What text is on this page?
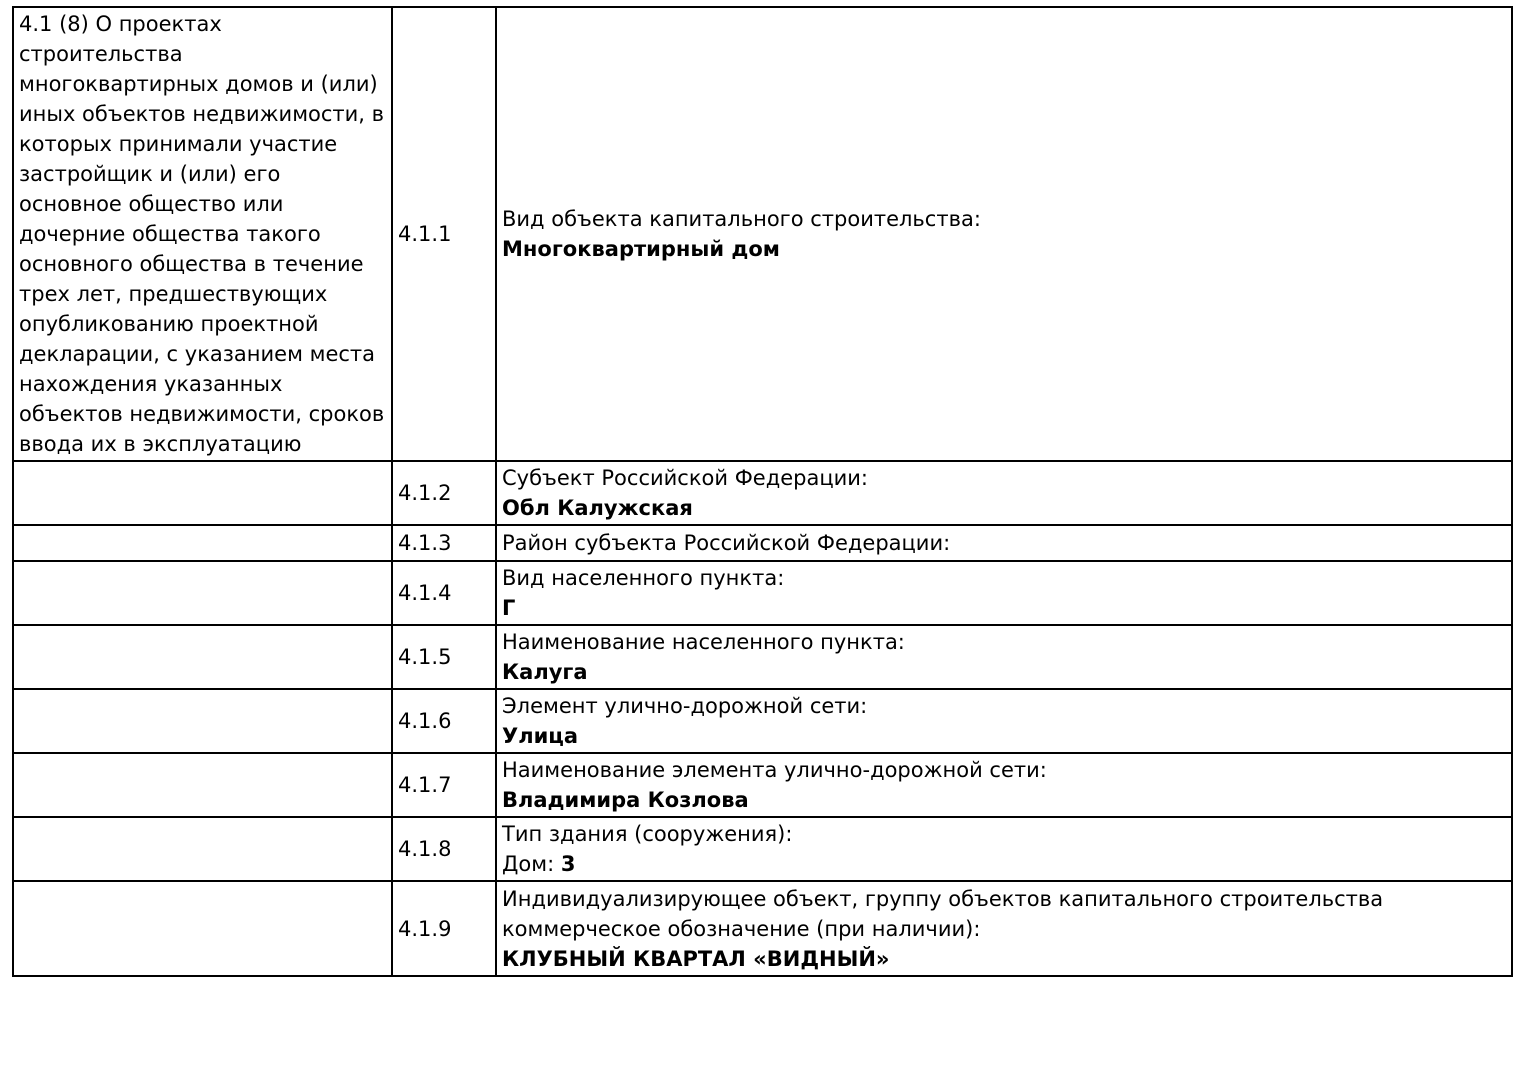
4.1 (8) О проектах строительства многоквартирных домов и (или) иных объектов недвижимости, в которых принимали участие застройщик и (или) его основное общество или дочерние общества такого основного общества в течение трех лет, предшествующих опубликованию проектной декларации, с указанием места нахождения указанных объектов недвижимости, сроков ввода их в эксплуатацию	4.1.1	Вид объекта капитального строительства:
Многоквартирный дом

	4.1.2	Субъект Российской Федерации:
Обл Калужская

	4.1.3	Район субъекта Российской Федерации:

	4.1.4	Вид населенного пункта:
Г

	4.1.5	Наименование населенного пункта:
Калуга

	4.1.6	Элемент улично-дорожной сети:
Улица

	4.1.7	Наименование элемента улично-дорожной сети:
Владимира Козлова

	4.1.8	Тип здания (сооружения):
Дом: 3

	4.1.9	Индивидуализирующее объект, группу объектов капитального строительства коммерческое обозначение (при наличии):
КЛУБНЫЙ КВАРТАЛ «ВИДНЫЙ»
